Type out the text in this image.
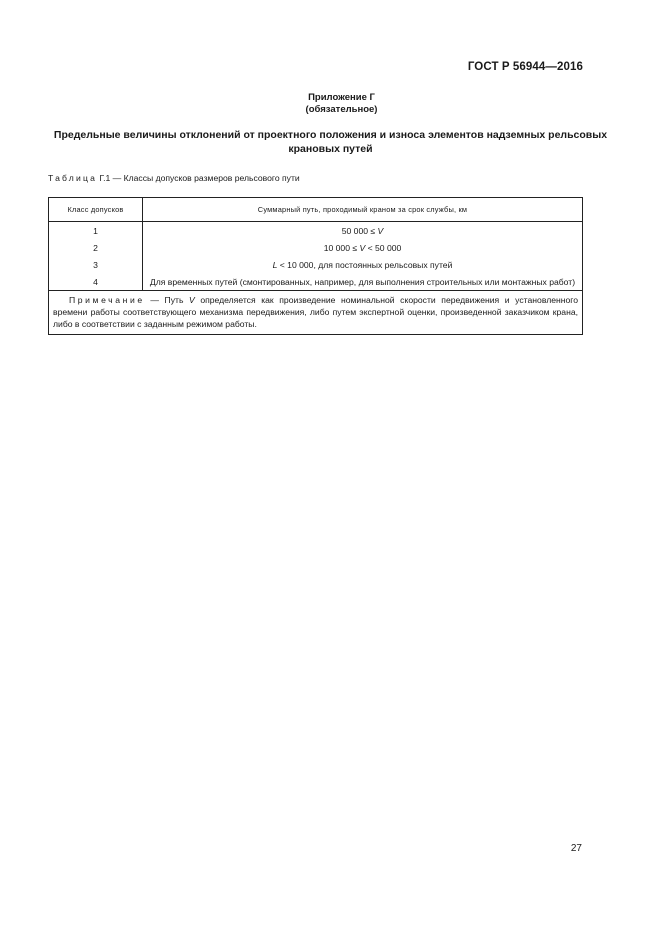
ГОСТ Р 56944—2016
Приложение Г
(обязательное)
Предельные величины отклонений от проектного положения и износа элементов надземных рельсовых крановых путей
Таблица Г.1 — Классы допусков размеров рельсового пути
Класс допусков	Суммарный путь, проходимый краном за срок службы, км
1	50 000 ≤ V
2	10 000 ≤ V < 50 000
3	L < 10 000, для постоянных рельсовых путей
4	Для временных путей (смонтированных, например, для выполнения строительных или монтажных работ)
Примечание — Путь V определяется как произведение номинальной скорости передвижения и установленного времени работы соответствующего механизма передвижения, либо путем экспертной оценки, произведенной заказчиком крана, либо в соответствии с заданным режимом работы.	
27
